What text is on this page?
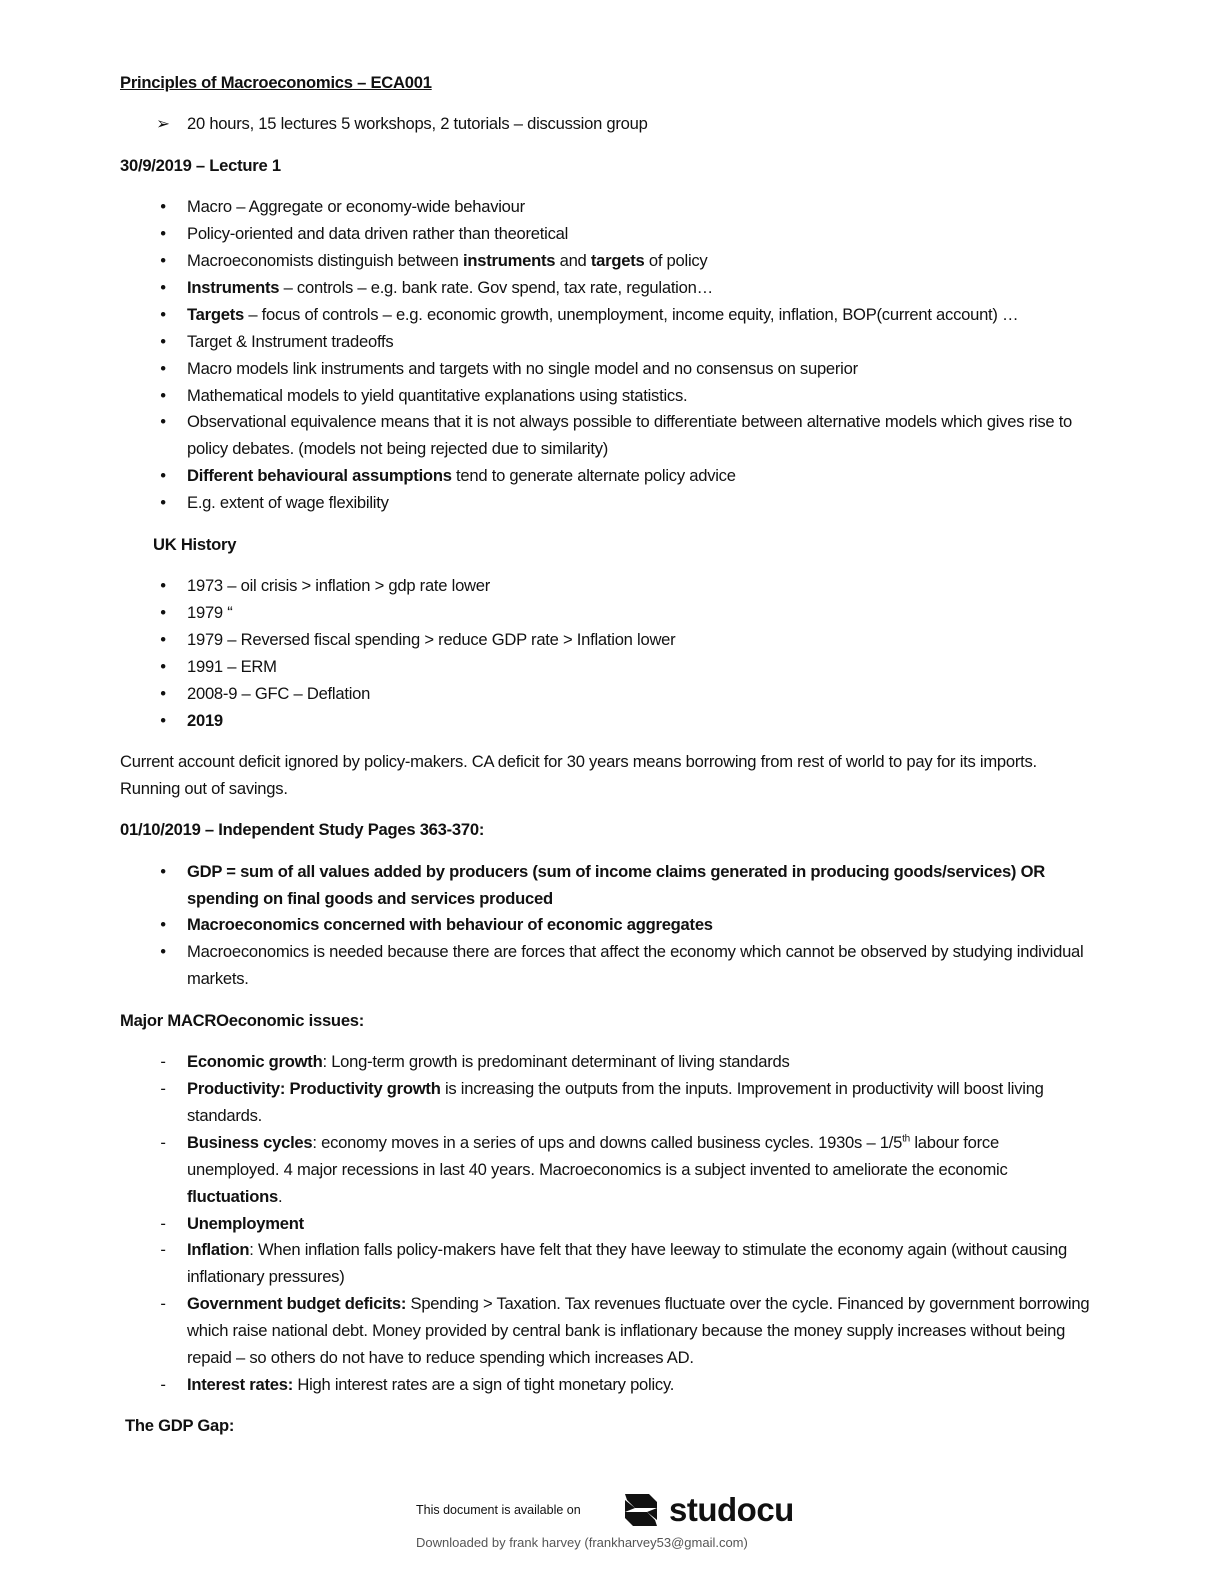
Principles of Macroeconomics – ECA001

➢ 20 hours, 15 lectures 5 workshops, 2 tutorials – discussion group

30/9/2019 – Lecture 1

•	Macro – Aggregate or economy-wide behaviour
•	Policy-oriented and data driven rather than theoretical
•	Macroeconomists distinguish between instruments and targets of policy
•	Instruments – controls – e.g. bank rate. Gov spend, tax rate, regulation…
•	Targets – focus of controls – e.g. economic growth, unemployment, income equity, inflation, BOP(current account) …
•	Target & Instrument tradeoffs
•	Macro models link instruments and targets with no single model and no consensus on superior
•	Mathematical models to yield quantitative explanations using statistics.
•	Observational equivalence means that it is not always possible to differentiate between alternative models which gives rise to policy debates. (models not being rejected due to similarity)
•	Different behavioural assumptions tend to generate alternate policy advice
•	E.g. extent of wage flexibility

UK History

•	1973 – oil crisis > inflation > gdp rate lower
•	1979 “
•	1979 – Reversed fiscal spending > reduce GDP rate > Inflation lower
•	1991 – ERM
•	2008-9 – GFC – Deflation
•	2019

Current account deficit ignored by policy-makers. CA deficit for 30 years means borrowing from rest of world to pay for its imports. Running out of savings.

01/10/2019 – Independent Study Pages 363-370:

•	GDP = sum of all values added by producers (sum of income claims generated in producing goods/services) OR spending on final goods and services produced
•	Macroeconomics concerned with behaviour of economic aggregates
•	Macroeconomics is needed because there are forces that affect the economy which cannot be observed by studying individual markets.

Major MACROeconomic issues:

-	Economic growth: Long-term growth is predominant determinant of living standards
-	Productivity: Productivity growth is increasing the outputs from the inputs. Improvement in productivity will boost living standards.
-	Business cycles: economy moves in a series of ups and downs called business cycles. 1930s – 1/5th labour force unemployed. 4 major recessions in last 40 years. Macroeconomics is a subject invented to ameliorate the economic fluctuations.
-	Unemployment
-	Inflation: When inflation falls policy-makers have felt that they have leeway to stimulate the economy again (without causing inflationary pressures)
-	Government budget deficits: Spending > Taxation. Tax revenues fluctuate over the cycle. Financed by government borrowing which raise national debt. Money provided by central bank is inflationary because the money supply increases without being repaid – so others do not have to reduce spending which increases AD.
-	Interest rates: High interest rates are a sign of tight monetary policy.

The GDP Gap:

This document is available on	studocu
Downloaded by frank harvey (frankharvey53@gmail.com)
